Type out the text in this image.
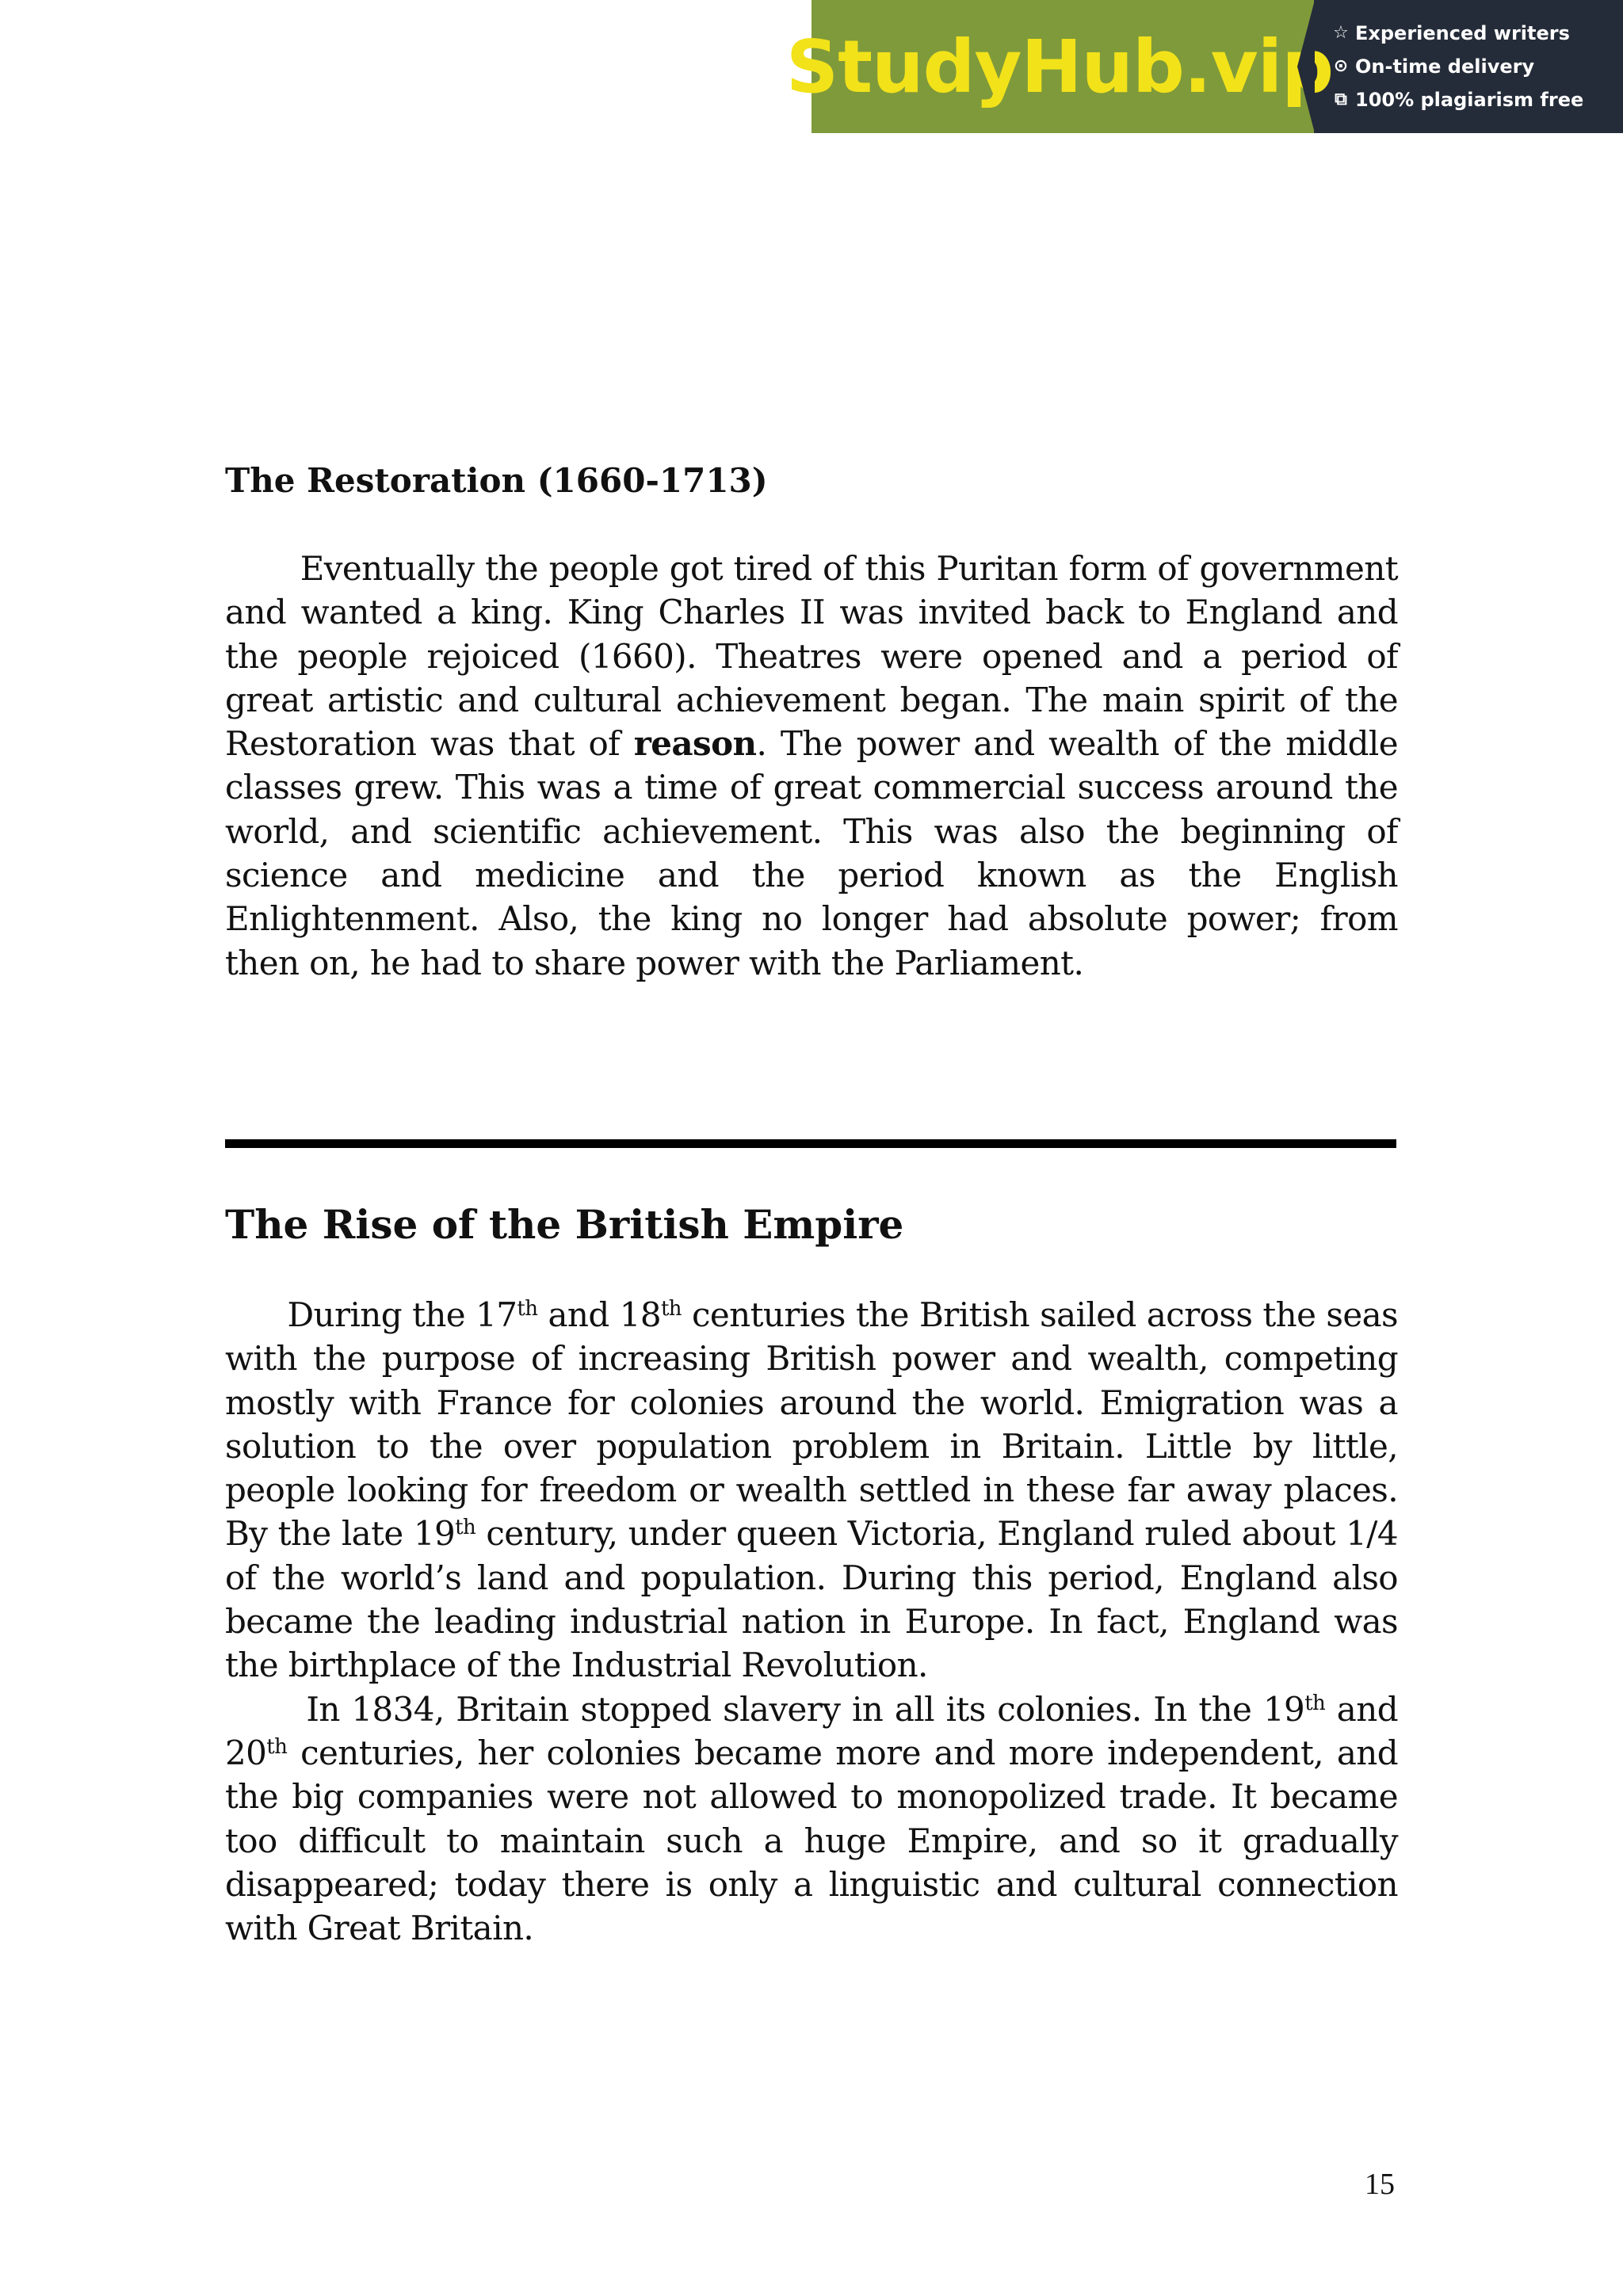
StudyHub.vip ☆ Experienced writers
⊙ On-time delivery
⧉ 100% plagiarism free
The Restoration (1660-1713)

Eventually the people got tired of this Puritan form of government and wanted a king. King Charles II was invited back to England and the people rejoiced (1660). Theatres were opened and a period of great artistic and cultural achievement began. The main spirit of the Restoration was that of reason. The power and wealth of the middle classes grew. This was a time of great commercial success around the world, and scientific achievement. This was also the beginning of science and medicine and the period known as the English Enlightenment. Also, the king no longer had absolute power; from then on, he had to share power with the Parliament.

The Rise of the British Empire

During the 17th and 18th centuries the British sailed across the seas with the purpose of increasing British power and wealth, competing mostly with France for colonies around the world. Emigration was a solution to the over population problem in Britain. Little by little, people looking for freedom or wealth settled in these far away places. By the late 19th century, under queen Victoria, England ruled about 1/4 of the world’s land and population. During this period, England also became the leading industrial nation in Europe. In fact, England was the birthplace of the Industrial Revolution.

In 1834, Britain stopped slavery in all its colonies. In the 19th and 20th centuries, her colonies became more and more independent, and the big companies were not allowed to monopolized trade. It became too difficult to maintain such a huge Empire, and so it gradually disappeared; today there is only a linguistic and cultural connection with Great Britain.

15
